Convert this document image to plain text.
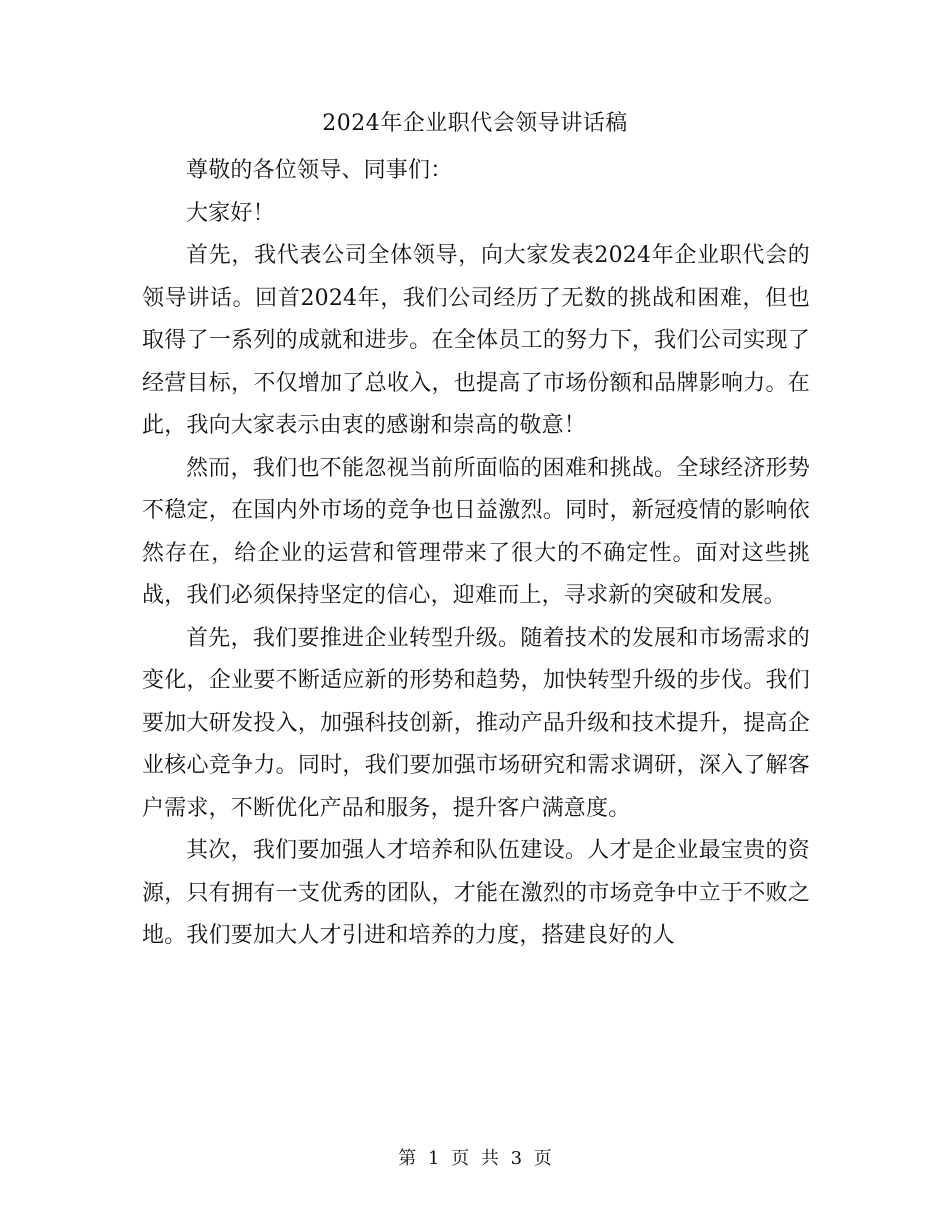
2024年企业职代会领导讲话稿

尊敬的各位领导、同事们：

大家好！

首先，我代表公司全体领导，向大家发表2024年企业职代会的领导讲话。回首2024年，我们公司经历了无数的挑战和困难，但也取得了一系列的成就和进步。在全体员工的努力下，我们公司实现了经营目标，不仅增加了总收入，也提高了市场份额和品牌影响力。在此，我向大家表示由衷的感谢和崇高的敬意！

然而，我们也不能忽视当前所面临的困难和挑战。全球经济形势不稳定，在国内外市场的竞争也日益激烈。同时，新冠疫情的影响依然存在，给企业的运营和管理带来了很大的不确定性。面对这些挑战，我们必须保持坚定的信心，迎难而上，寻求新的突破和发展。

首先，我们要推进企业转型升级。随着技术的发展和市场需求的变化，企业要不断适应新的形势和趋势，加快转型升级的步伐。我们要加大研发投入，加强科技创新，推动产品升级和技术提升，提高企业核心竞争力。同时，我们要加强市场研究和需求调研，深入了解客户需求，不断优化产品和服务，提升客户满意度。

其次，我们要加强人才培养和队伍建设。人才是企业最宝贵的资源，只有拥有一支优秀的团队，才能在激烈的市场竞争中立于不败之地。我们要加大人才引进和培养的力度，搭建良好的人

第 1 页 共 3 页
